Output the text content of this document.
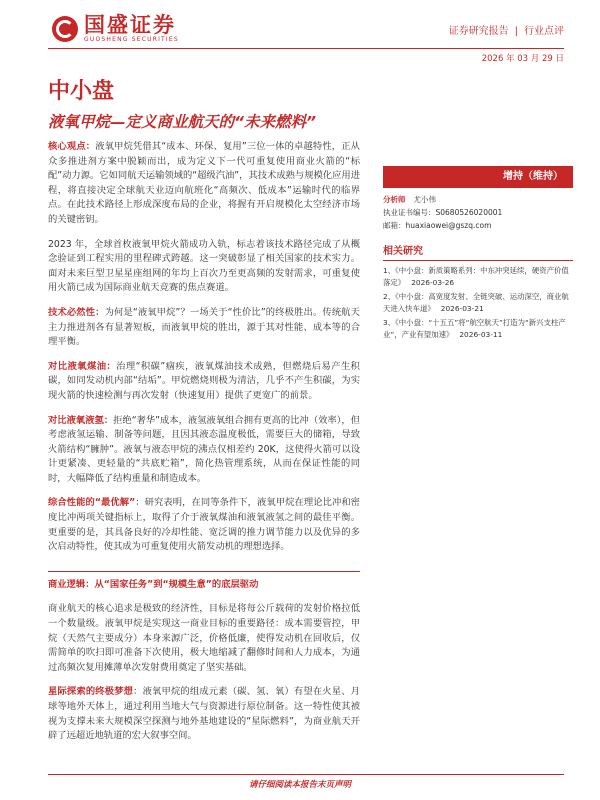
国盛证券
GUOSHENG SECURITIES
证券研究报告 | 行业点评
2026 年 03 月 29 日
中小盘
液氧甲烷—定义商业航天的“未来燃料”

核心观点：液氧甲烷凭借其“成本、环保、复用”三位一体的卓越特性，正从众多推进剂方案中脱颖而出，成为定义下一代可重复使用商业火箭的“标配”动力源。它如同航天运输领域的“超级汽油”，其技术成熟与规模化应用进程，将直接决定全球航天业迈向航班化“高频次、低成本”运输时代的临界点。在此技术路径上形成深度布局的企业，将握有开启规模化太空经济市场的关键密钥。

2023 年，全球首枚液氧甲烷火箭成功入轨，标志着该技术路径完成了从概念验证到工程实用的里程碑式跨越。这一突破彰显了相关国家的技术实力。面对未来巨型卫星星座组网的年均上百次乃至更高频的发射需求，可重复使用火箭已成为国际商业航天竞赛的焦点赛道。

技术必然性：为何是“液氧甲烷”？一场关于“性价比”的终极胜出。传统航天主力推进剂各有显著短板，而液氧甲烷的胜出，源于其对性能、成本等的合理平衡。

对比液氧煤油：治理“积碳”痼疾，液氧煤油技术成熟，但燃烧后易产生积碳，如同发动机内部“结垢”。甲烷燃烧则极为清洁，几乎不产生积碳，为实现火箭的快速检测与再次发射（快速复用）提供了更宽广的前景。

对比液氧液氢：拒绝“奢华”成本，液氢液氧组合拥有更高的比冲（效率），但考虑液氢运输、制备等问题，且因其液态温度极低，需要巨大的储箱，导致火箭结构“臃肿”。液氧与液态甲烷的沸点仅相差约 20K，这使得火箭可以设计更紧凑、更轻量的“共底贮箱”，简化热管理系统，从而在保证性能的同时，大幅降低了结构重量和制造成本。

综合性能的“最优解”：研究表明，在同等条件下，液氧甲烷在理论比冲和密度比冲两项关键指标上，取得了介于液氧煤油和液氧液氢之间的最佳平衡。更重要的是，其具备良好的冷却性能、宽泛调的推力调节能力以及优异的多次启动特性，使其成为可重复使用火箭发动机的理想选择。

商业逻辑：从“国家任务”到“规模生意”的底层驱动

商业航天的核心追求是极致的经济性，目标是将每公斤载荷的发射价格拉低一个数量级。液氧甲烷是实现这一商业目标的重要路径：成本需要管控，甲烷（天然气主要成分）本身来源广泛，价格低廉，使得发动机在回收后，仅需简单的吹扫即可准备下次使用，极大地缩减了翻修时间和人力成本，为通过高频次复用摊薄单次发射费用奠定了坚实基础。

星际探索的终极梦想：液氧甲烷的组成元素（碳、氢、氧）有望在火星、月球等地外天体上，通过利用当地大气与资源进行原位制备。这一特性使其被视为支撑未来大规模深空探测与地外基地建设的“星际燃料”，为商业航天开辟了远超近地轨道的宏大叙事空间。

增持（维持）
分析师 尤小伟
执业证书编号： S0680526020001
邮箱： huaxiaowei@gszq.com
相关研究
1、《中小盘：新质策略系列：中东冲突延续，硬资产价值落定》 2026-03-26
2、《中小盘：高宽度发射、全链突破、运动深空，商业航天进入快车道》 2026-03-21
3、《中小盘：“十五五”将“航空航天”打造为“新兴支柱产业”，产业有望加速》 2026-03-11
请仔细阅读本报告末页声明
